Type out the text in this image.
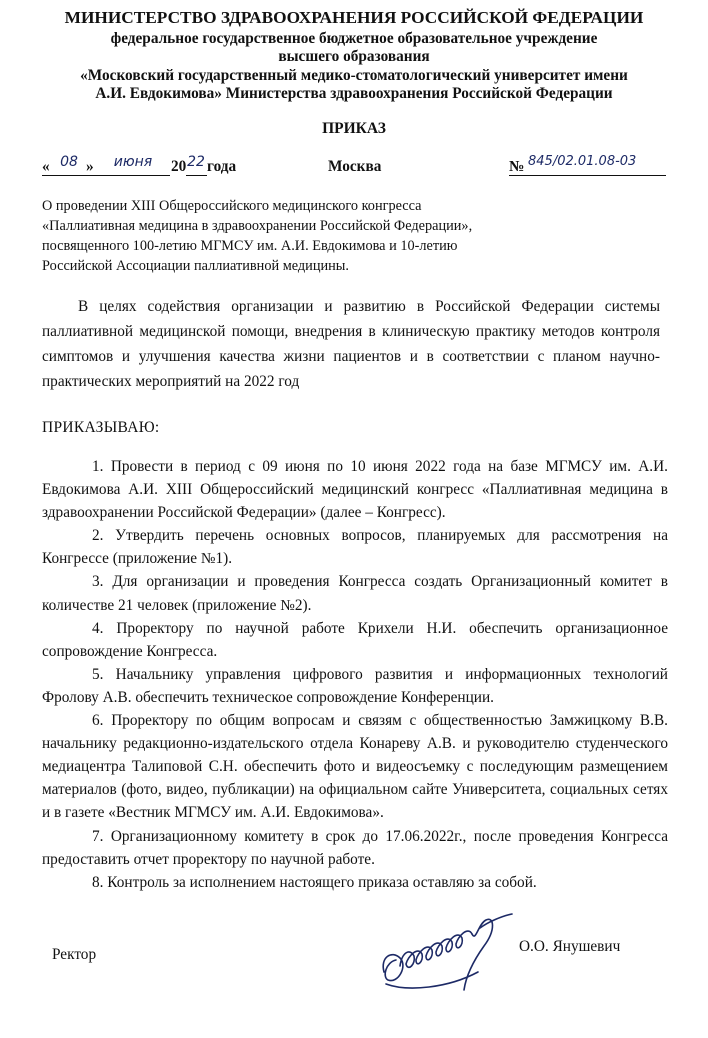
МИНИСТЕРСТВО ЗДРАВООХРАНЕНИЯ РОССИЙСКОЙ ФЕДЕРАЦИИ
федеральное государственное бюджетное образовательное учреждение
высшего образования
«Московский государственный медико-стоматологический университет имени
А.И. Евдокимова» Министерства здравоохранения Российской Федерации
ПРИКАЗ
« 08 »	июня	20 22 года	Москва	№ 845/02.01.08-03
О проведении XIII Общероссийского медицинского конгресса
«Паллиативная медицина в здравоохранении Российской Федерации»,
посвященного 100-летию МГМСУ им. А.И. Евдокимова и 10-летию
Российской Ассоциации паллиативной медицины.
В целях содействия организации и развитию в Российской Федерации системы паллиативной медицинской помощи, внедрения в клиническую практику методов контроля симптомов и улучшения качества жизни пациентов и в соответствии с планом научно-практических мероприятий на 2022 год
ПРИКАЗЫВАЮ:

1. Провести в период с 09 июня по 10 июня 2022 года на базе МГМСУ им. А.И. Евдокимова А.И. XIII Общероссийский медицинский конгресс «Паллиативная медицина в здравоохранении Российской Федерации» (далее – Конгресс).

2. Утвердить перечень основных вопросов, планируемых для рассмотрения на Конгрессе (приложение №1).

3. Для организации и проведения Конгресса создать Организационный комитет в количестве 21 человек (приложение №2).

4. Проректору по научной работе Крихели Н.И. обеспечить организационное сопровождение Конгресса.

5. Начальнику управления цифрового развития и информационных технологий Фролову А.В. обеспечить техническое сопровождение Конференции.

6. Проректору по общим вопросам и связям с общественностью Замжицкому В.В. начальнику редакционно-издательского отдела Конареву А.В. и руководителю студенческого медиацентра Талиповой С.Н. обеспечить фото и видеосъемку с последующим размещением материалов (фото, видео, публикации) на официальном сайте Университета, социальных сетях и в газете «Вестник МГМСУ им. А.И. Евдокимова».

7. Организационному комитету в срок до 17.06.2022г., после проведения Конгресса предоставить отчет проректору по научной работе.

8. Контроль за исполнением настоящего приказа оставляю за собой.

Ректор	О.О. Янушевич
